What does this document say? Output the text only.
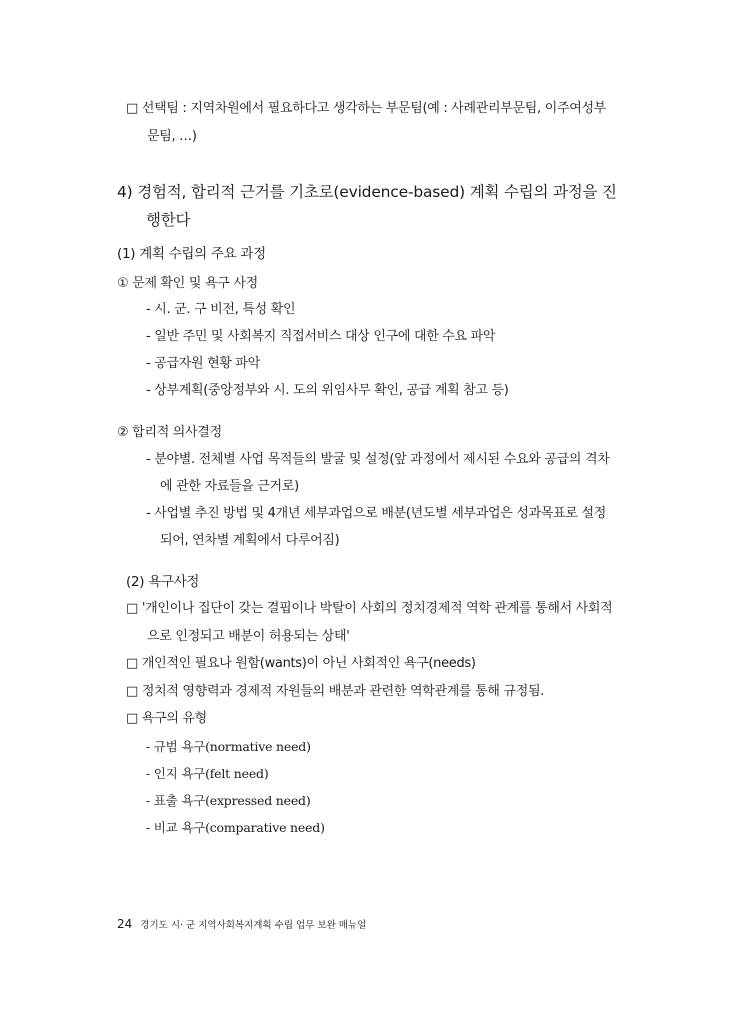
□ 선택팀 : 지역차원에서 필요하다고 생각하는 부문팀(예 : 사례관리부문팀, 이주여성부
문팀, …)
4) 경험적, 합리적 근거를 기초로(evidence-based) 계획 수립의 과정을 진
행한다
(1) 계획 수립의 주요 과정
① 문제 확인 및 욕구 사정
- 시. 군. 구 비전, 특성 확인
- 일반 주민 및 사회복지 직접서비스 대상 인구에 대한 수요 파악
- 공급자원 현황 파악
- 상부계획(중앙정부와 시. 도의 위임사무 확인, 공급 계획 참고 등)
② 합리적 의사결정
- 분야별. 전체별 사업 목적들의 발굴 및 설정(앞 과정에서 제시된 수요와 공급의 격차
에 관한 자료들을 근거로)
- 사업별 추진 방법 및 4개년 세부과업으로 배분(년도별 세부과업은 성과목표로 설정
되어, 연차별 계획에서 다루어짐)
(2) 욕구사정
□ '개인이나 집단이 갖는 결핍이나 박탈이 사회의 정치경제적 역학 관계를 통해서 사회적
으로 인정되고 배분이 허용되는 상태'
□ 개인적인 필요나 원함(wants)이 아닌 사회적인 욕구(needs)
□ 정치적 영향력과 경제적 자원들의 배분과 관련한 역학관계를 통해 규정됨.
□ 욕구의 유형
- 규범 욕구(normative need)
- 인지 욕구(felt need)
- 표출 욕구(expressed need)
- 비교 욕구(comparative need)
24 경기도 시· 군 지역사회복지계획 수립 업무 보완 매뉴얼
